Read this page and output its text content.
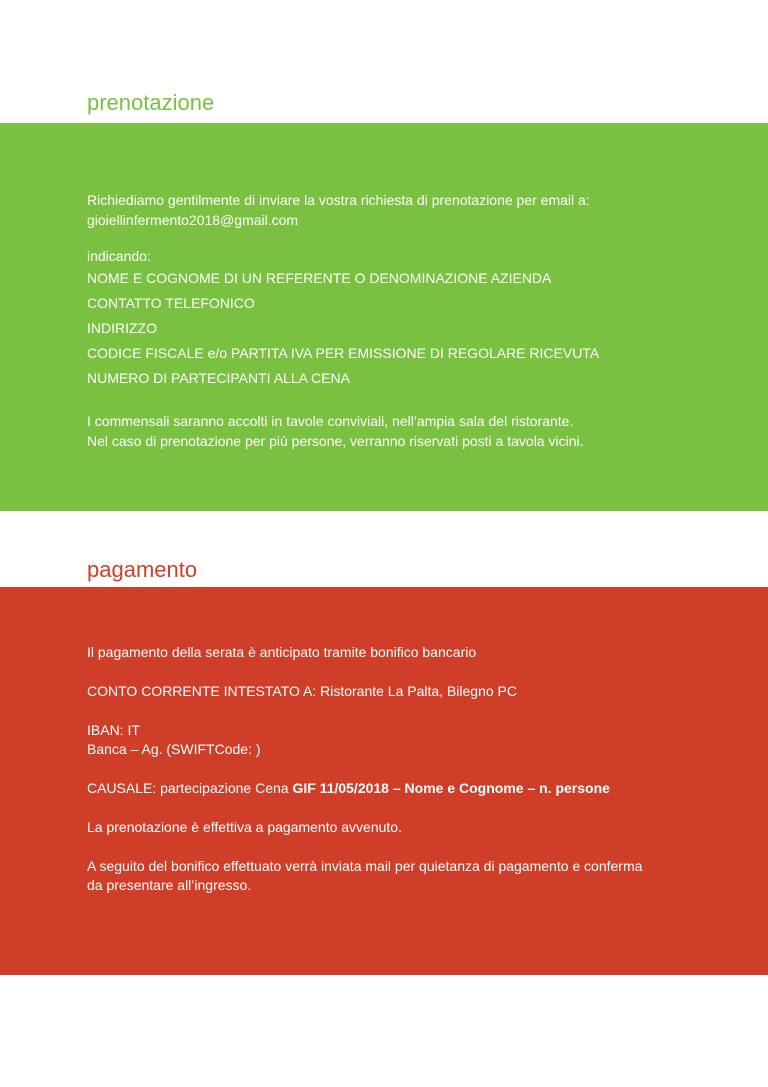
prenotazione

Richiediamo gentilmente di inviare la vostra richiesta di prenotazione per email a:

gioiellinfermento2018@gmail.com

indicando:

NOME E COGNOME DI UN REFERENTE O DENOMINAZIONE AZIENDA

CONTATTO TELEFONICO

INDIRIZZO

CODICE FISCALE e/o PARTITA IVA PER EMISSIONE DI REGOLARE RICEVUTA

NUMERO DI PARTECIPANTI ALLA CENA

I commensali saranno accolti in tavole conviviali, nell’ampia sala del ristorante.

Nel caso di prenotazione per più persone, verranno riservati posti a tavola vicini.

pagamento

Il pagamento della serata è anticipato tramite bonifico bancario

CONTO CORRENTE INTESTATO A: Ristorante La Palta, Bilegno PC

IBAN: IT

Banca – Ag. (SWIFTCode: )

CAUSALE: partecipazione Cena GIF 11/05/2018 – Nome e Cognome – n. persone

La prenotazione è effettiva a pagamento avvenuto.

A seguito del bonifico effettuato verrà inviata mail per quietanza di pagamento e conferma

da presentare all’ingresso.
